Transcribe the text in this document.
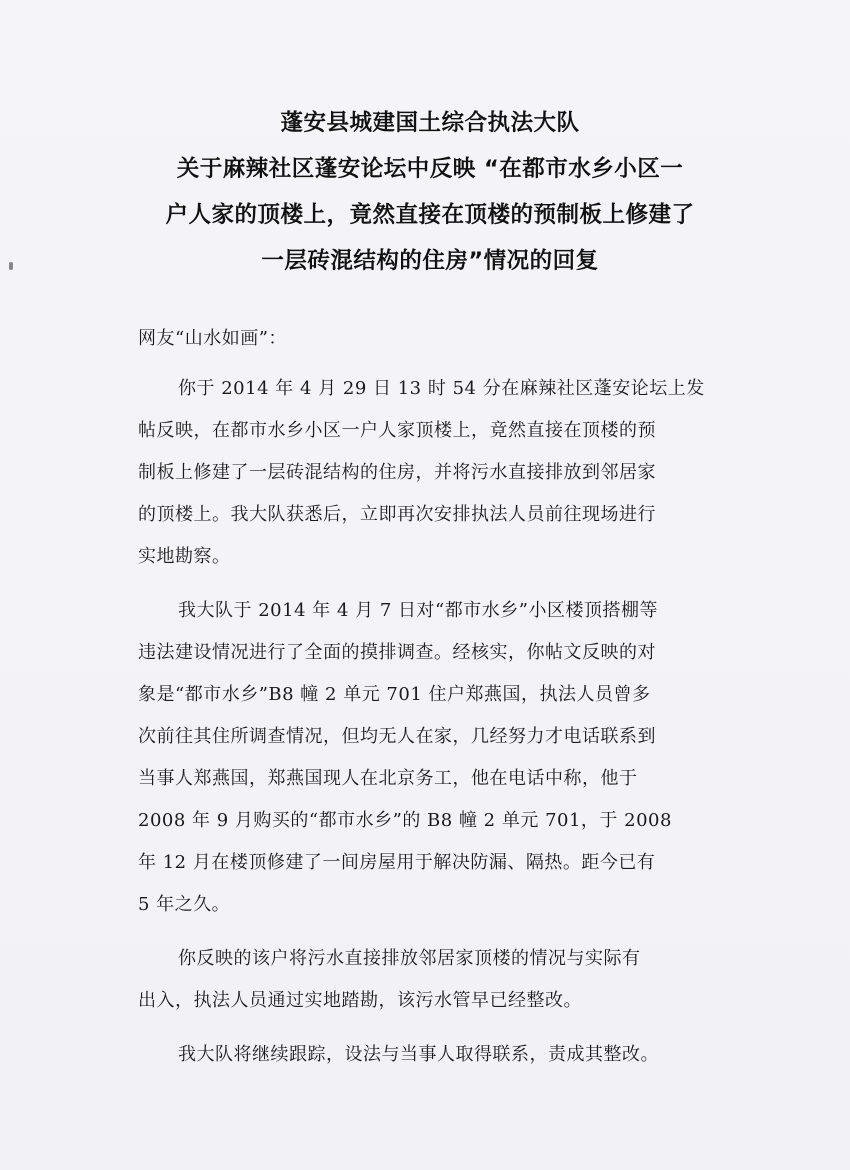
蓬安县城建国土综合执法大队
关于麻辣社区蓬安论坛中反映 “在都市水乡小区一
户人家的顶楼上，竟然直接在顶楼的预制板上修建了
一层砖混结构的住房”情况的回复

网友“山水如画”：

你于 2014 年 4 月 29 日 13 时 54 分在麻辣社区蓬安论坛上发
帖反映，在都市水乡小区一户人家顶楼上，竟然直接在顶楼的预
制板上修建了一层砖混结构的住房，并将污水直接排放到邻居家
的顶楼上。我大队获悉后，立即再次安排执法人员前往现场进行
实地勘察。

我大队于 2014 年 4 月 7 日对“都市水乡”小区楼顶搭棚等
违法建设情况进行了全面的摸排调查。经核实，你帖文反映的对
象是“都市水乡”B8 幢 2 单元 701 住户郑燕国，执法人员曾多
次前往其住所调查情况，但均无人在家，几经努力才电话联系到
当事人郑燕国，郑燕国现人在北京务工，他在电话中称，他于
2008 年 9 月购买的“都市水乡”的 B8 幢 2 单元 701，于 2008
年 12 月在楼顶修建了一间房屋用于解决防漏、隔热。距今已有
5 年之久。

你反映的该户将污水直接排放邻居家顶楼的情况与实际有
出入，执法人员通过实地踏勘，该污水管早已经整改。

我大队将继续跟踪，设法与当事人取得联系，责成其整改。
